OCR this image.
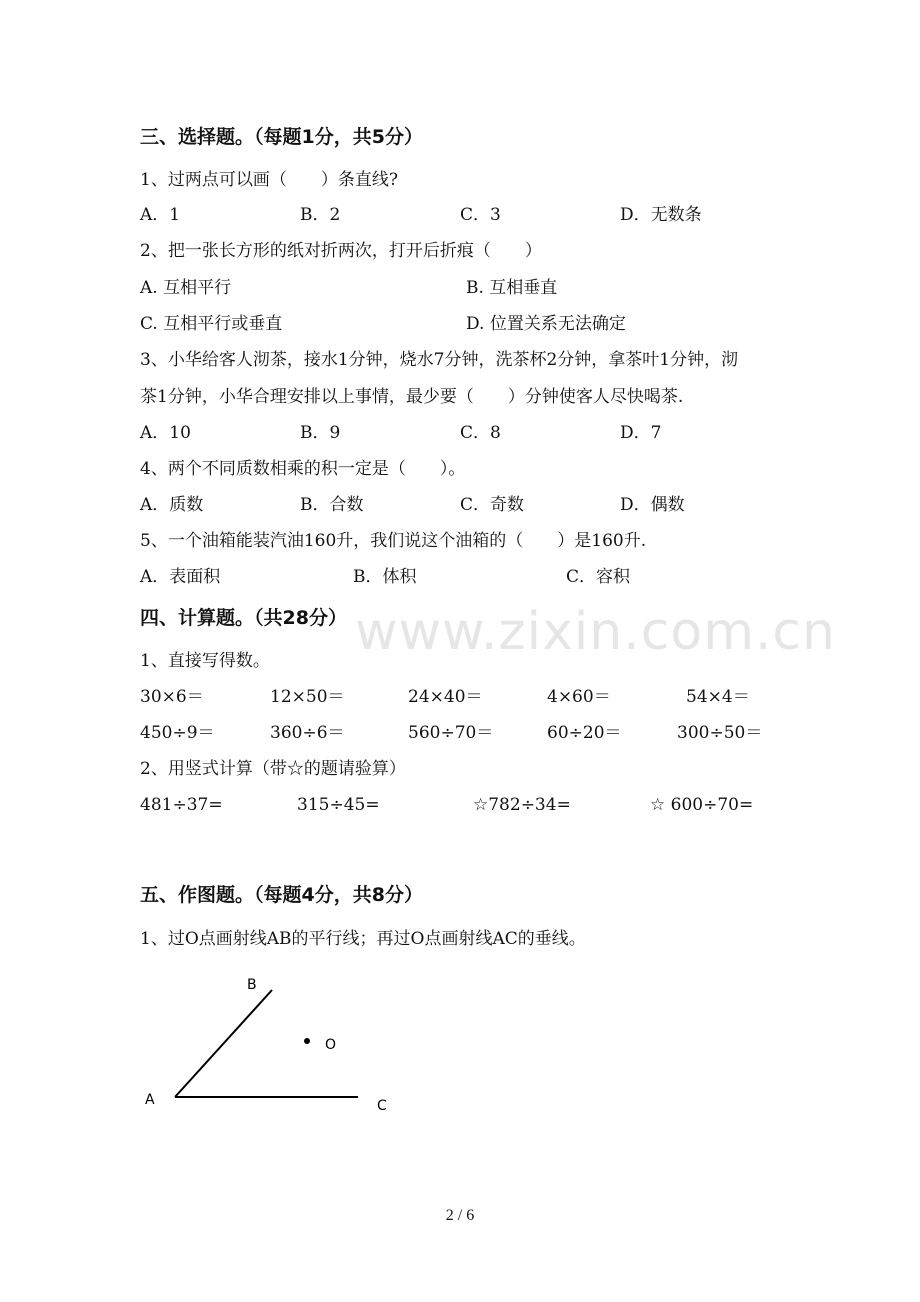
www.zixin.com.cn
三、选择题。（每题1分，共5分）
1、过两点可以画（　　）条直线?
A．1	B．2	C．3	D．无数条
2、把一张长方形的纸对折两次，打开后折痕（　　）
A. 互相平行	B. 互相垂直
C. 互相平行或垂直	D. 位置关系无法确定
3、小华给客人沏茶，接水1分钟，烧水7分钟，洗茶杯2分钟，拿茶叶1分钟，沏
茶1分钟，小华合理安排以上事情，最少要（　　）分钟使客人尽快喝茶.
A．10	B．9	C．8	D．7
4、两个不同质数相乘的积一定是（　　）。
A．质数	B．合数	C．奇数	D．偶数
5、一个油箱能装汽油160升，我们说这个油箱的（　　）是160升.
A．表面积	B．体积	C．容积
四、计算题。（共28分）
1、直接写得数。
30×6＝	12×50＝	24×40＝	4×60＝	54×4＝
450÷9＝	360÷6＝	560÷70＝	60÷20＝	300÷50＝
2、用竖式计算（带☆的题请验算）
481÷37=	315÷45=	☆782÷34=	☆ 600÷70=
五、作图题。（每题4分，共8分）
1、过O点画射线AB的平行线；再过O点画射线AC的垂线。
A
B
C
O
2 / 6
